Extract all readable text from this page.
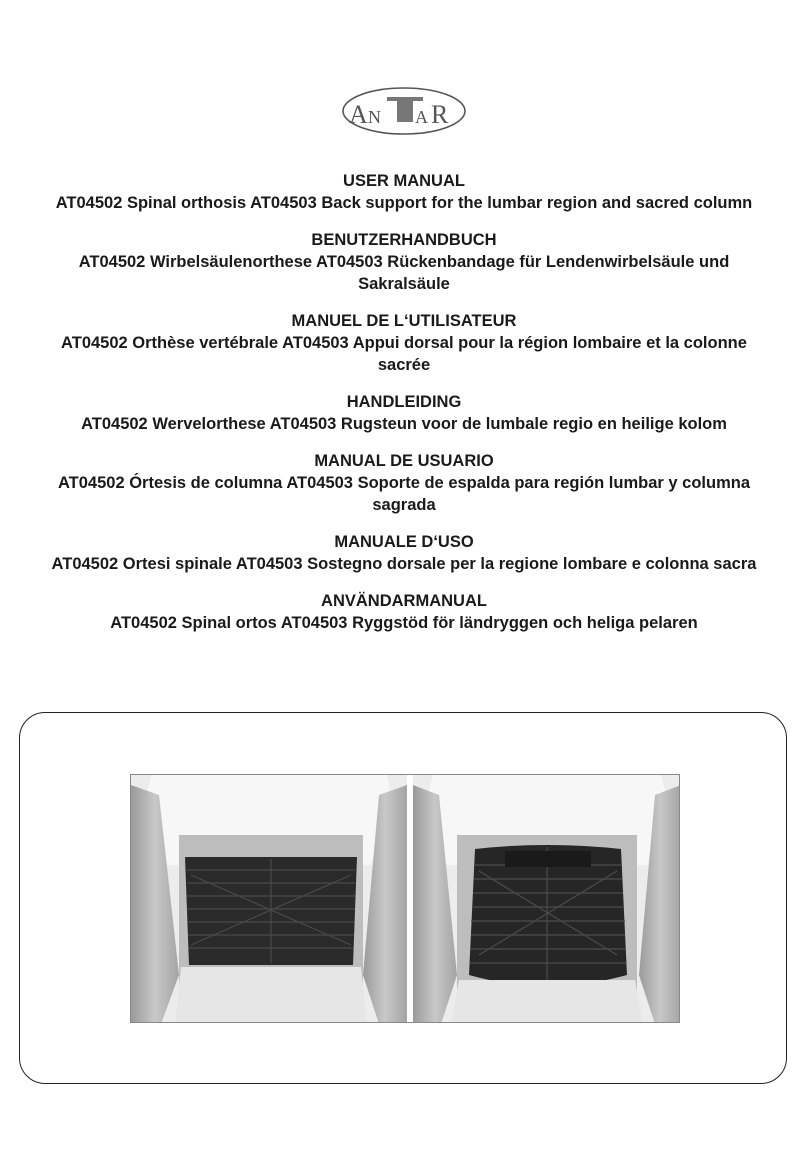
A N A R
USER MANUAL
AT04502 Spinal orthosis AT04503 Back support for the lumbar region and sacred column
BENUTZERHANDBUCH
AT04502 Wirbelsäulenorthese AT04503 Rückenbandage für Lendenwirbelsäule und Sakralsäule
MANUEL DE L‘UTILISATEUR
AT04502 Orthèse vertébrale AT04503 Appui dorsal pour la région lombaire et la colonne sacrée
HANDLEIDING
AT04502 Wervelorthese AT04503 Rugsteun voor de lumbale regio en heilige kolom
MANUAL DE USUARIO
AT04502 Órtesis de columna AT04503 Soporte de espalda para región lumbar y columna sagrada
MANUALE D‘USO
AT04502 Ortesi spinale AT04503 Sostegno dorsale per la regione lombare e colonna sacra
ANVÄNDARMANUAL
AT04502 Spinal ortos AT04503 Ryggstöd för ländryggen och heliga pelaren
